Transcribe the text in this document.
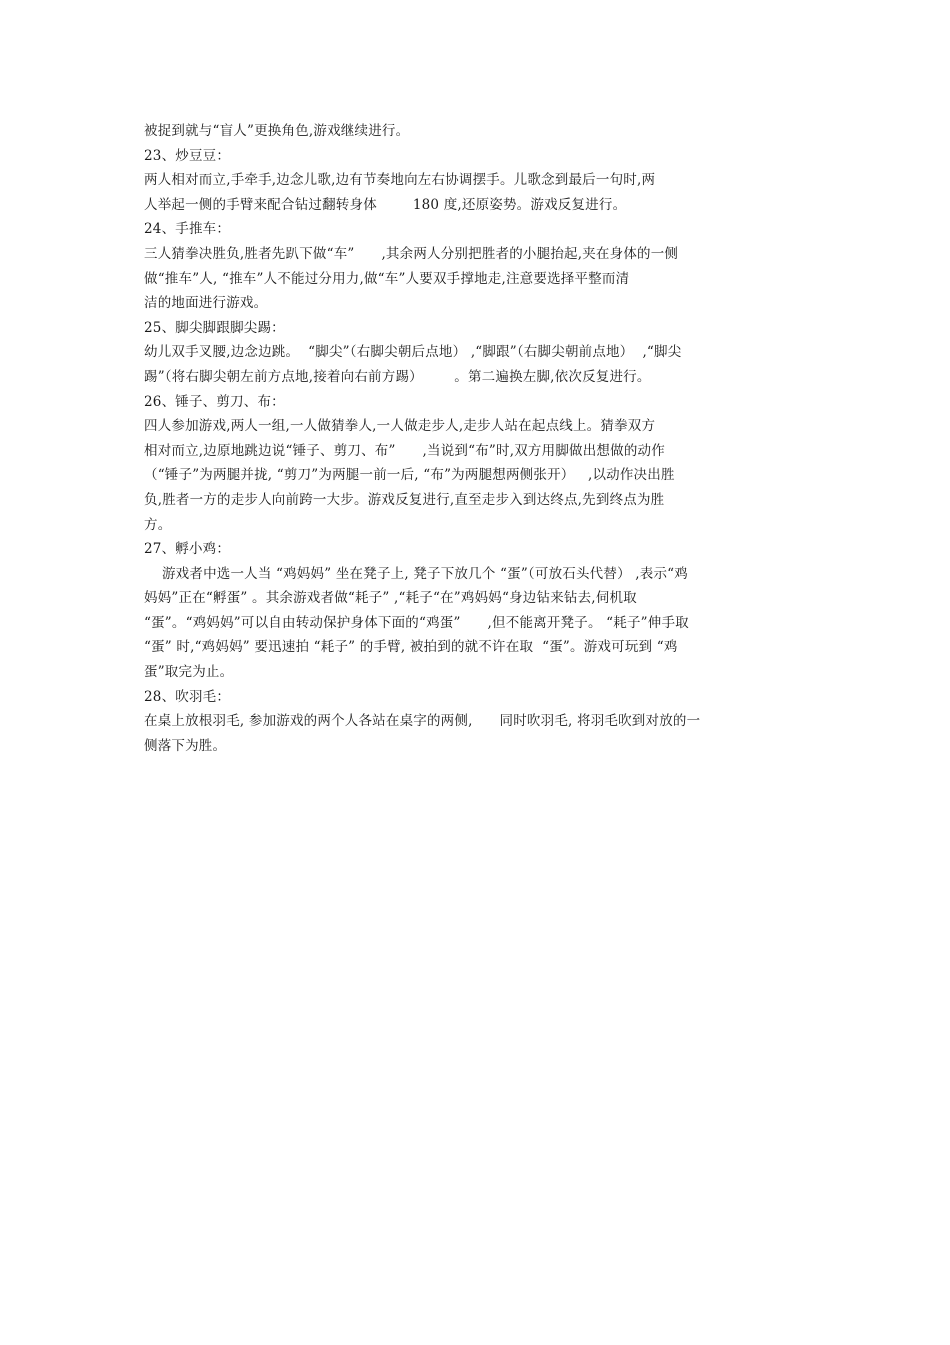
被捉到就与“盲人”更换角色,游戏继续进行。
23、炒豆豆：
两人相对而立,手牵手,边念儿歌,边有节奏地向左右协调摆手。儿歌念到最后一句时,两
人举起一侧的手臂来配合钻过翻转身体        180 度,还原姿势。游戏反复进行。
24、手推车：
三人猜拳决胜负,胜者先趴下做“车”      ,其余两人分别把胜者的小腿抬起,夹在身体的一侧
做“推车”人, “推车”人不能过分用力,做“车”人要双手撑地走,注意要选择平整而清
洁的地面进行游戏。
25、脚尖脚跟脚尖踢：
幼儿双手叉腰,边念边跳。  “脚尖”（右脚尖朝后点地） ,“脚跟”（右脚尖朝前点地）  ,“脚尖
踢”（将右脚尖朝左前方点地,接着向右前方踢）       。第二遍换左脚,依次反复进行。
26、锤子、剪刀、布：
四人参加游戏,两人一组,一人做猜拳人,一人做走步人,走步人站在起点线上。猜拳双方
相对而立,边原地跳边说“锤子、剪刀、布”      ,当说到“布”时,双方用脚做出想做的动作
（“锤子”为两腿并拢, “剪刀”为两腿一前一后, “布”为两腿想两侧张开）   ,以动作决出胜
负,胜者一方的走步人向前跨一大步。游戏反复进行,直至走步入到达终点,先到终点为胜
方。
27、孵小鸡：
游戏者中选一人当 “鸡妈妈” 坐在凳子上, 凳子下放几个 “蛋”（可放石头代替） ,表示“鸡
妈妈”正在“孵蛋” 。其余游戏者做“耗子” ,“耗子“在”鸡妈妈“身边钻来钻去,伺机取
“蛋”。“鸡妈妈”可以自由转动保护身体下面的“鸡蛋”      ,但不能离开凳子。 “耗子”伸手取
“蛋” 时,“鸡妈妈” 要迅速拍 “耗子” 的手臂, 被拍到的就不许在取  “蛋”。游戏可玩到 “鸡
蛋”取完为止。
28、吹羽毛：
在桌上放根羽毛, 参加游戏的两个人各站在桌字的两侧,      同时吹羽毛, 将羽毛吹到对放的一
侧落下为胜。
